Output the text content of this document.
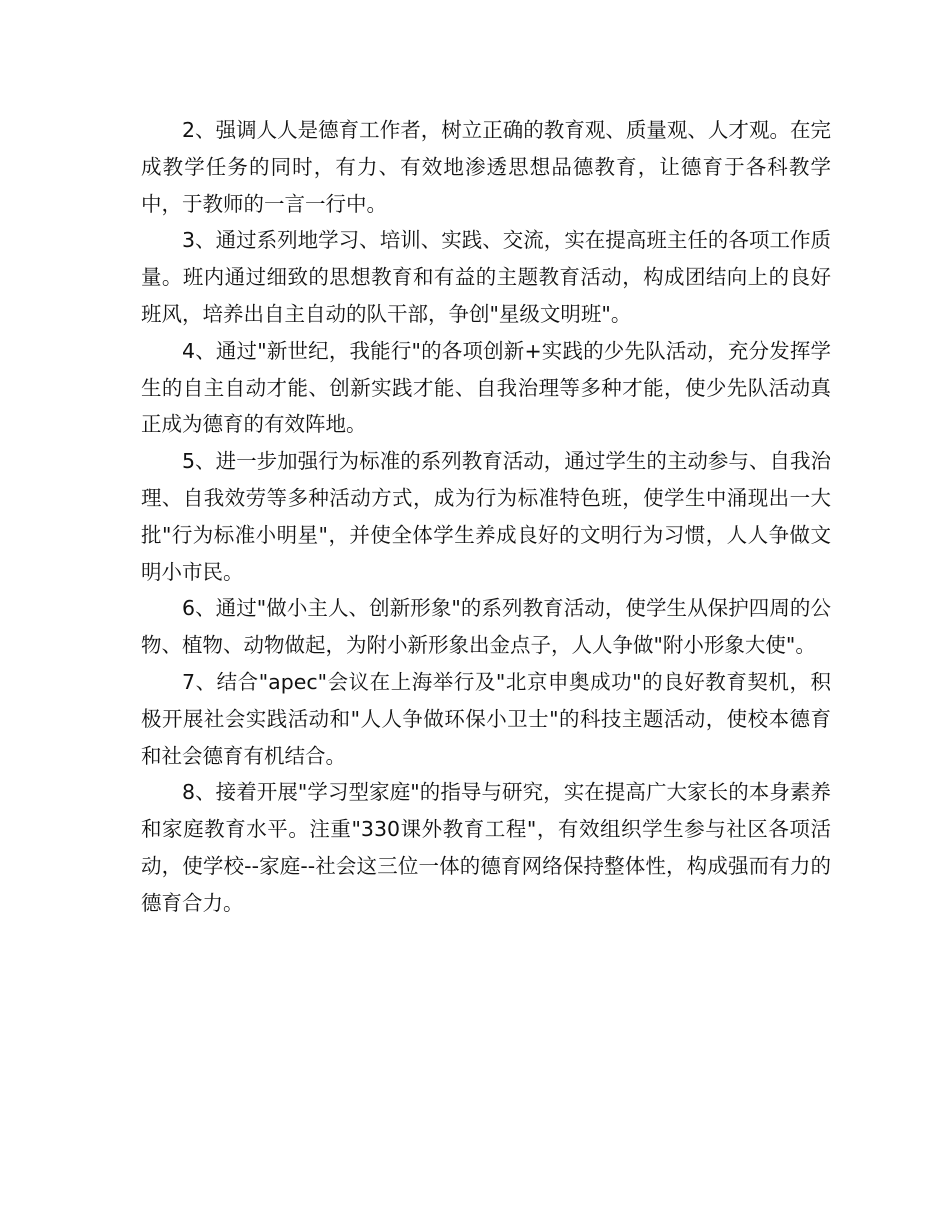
2、强调人人是德育工作者，树立正确的教育观、质量观、人才观。在完成教学任务的同时，有力、有效地渗透思想品德教育，让德育于各科教学中，于教师的一言一行中。

3、通过系列地学习、培训、实践、交流，实在提高班主任的各项工作质量。班内通过细致的思想教育和有益的主题教育活动，构成团结向上的良好班风，培养出自主自动的队干部，争创"星级文明班"。

4、通过"新世纪，我能行"的各项创新+实践的少先队活动，充分发挥学生的自主自动才能、创新实践才能、自我治理等多种才能，使少先队活动真正成为德育的有效阵地。

5、进一步加强行为标准的系列教育活动，通过学生的主动参与、自我治理、自我效劳等多种活动方式，成为行为标准特色班，使学生中涌现出一大批"行为标准小明星"，并使全体学生养成良好的文明行为习惯，人人争做文明小市民。

6、通过"做小主人、创新形象"的系列教育活动，使学生从保护四周的公物、植物、动物做起，为附小新形象出金点子，人人争做"附小形象大使"。

7、结合"apec"会议在上海举行及"北京申奥成功"的良好教育契机，积极开展社会实践活动和"人人争做环保小卫士"的科技主题活动，使校本德育和社会德育有机结合。

8、接着开展"学习型家庭"的指导与研究，实在提高广大家长的本身素养和家庭教育水平。注重"330课外教育工程"，有效组织学生参与社区各项活动，使学校--家庭--社会这三位一体的德育网络保持整体性，构成强而有力的德育合力。
